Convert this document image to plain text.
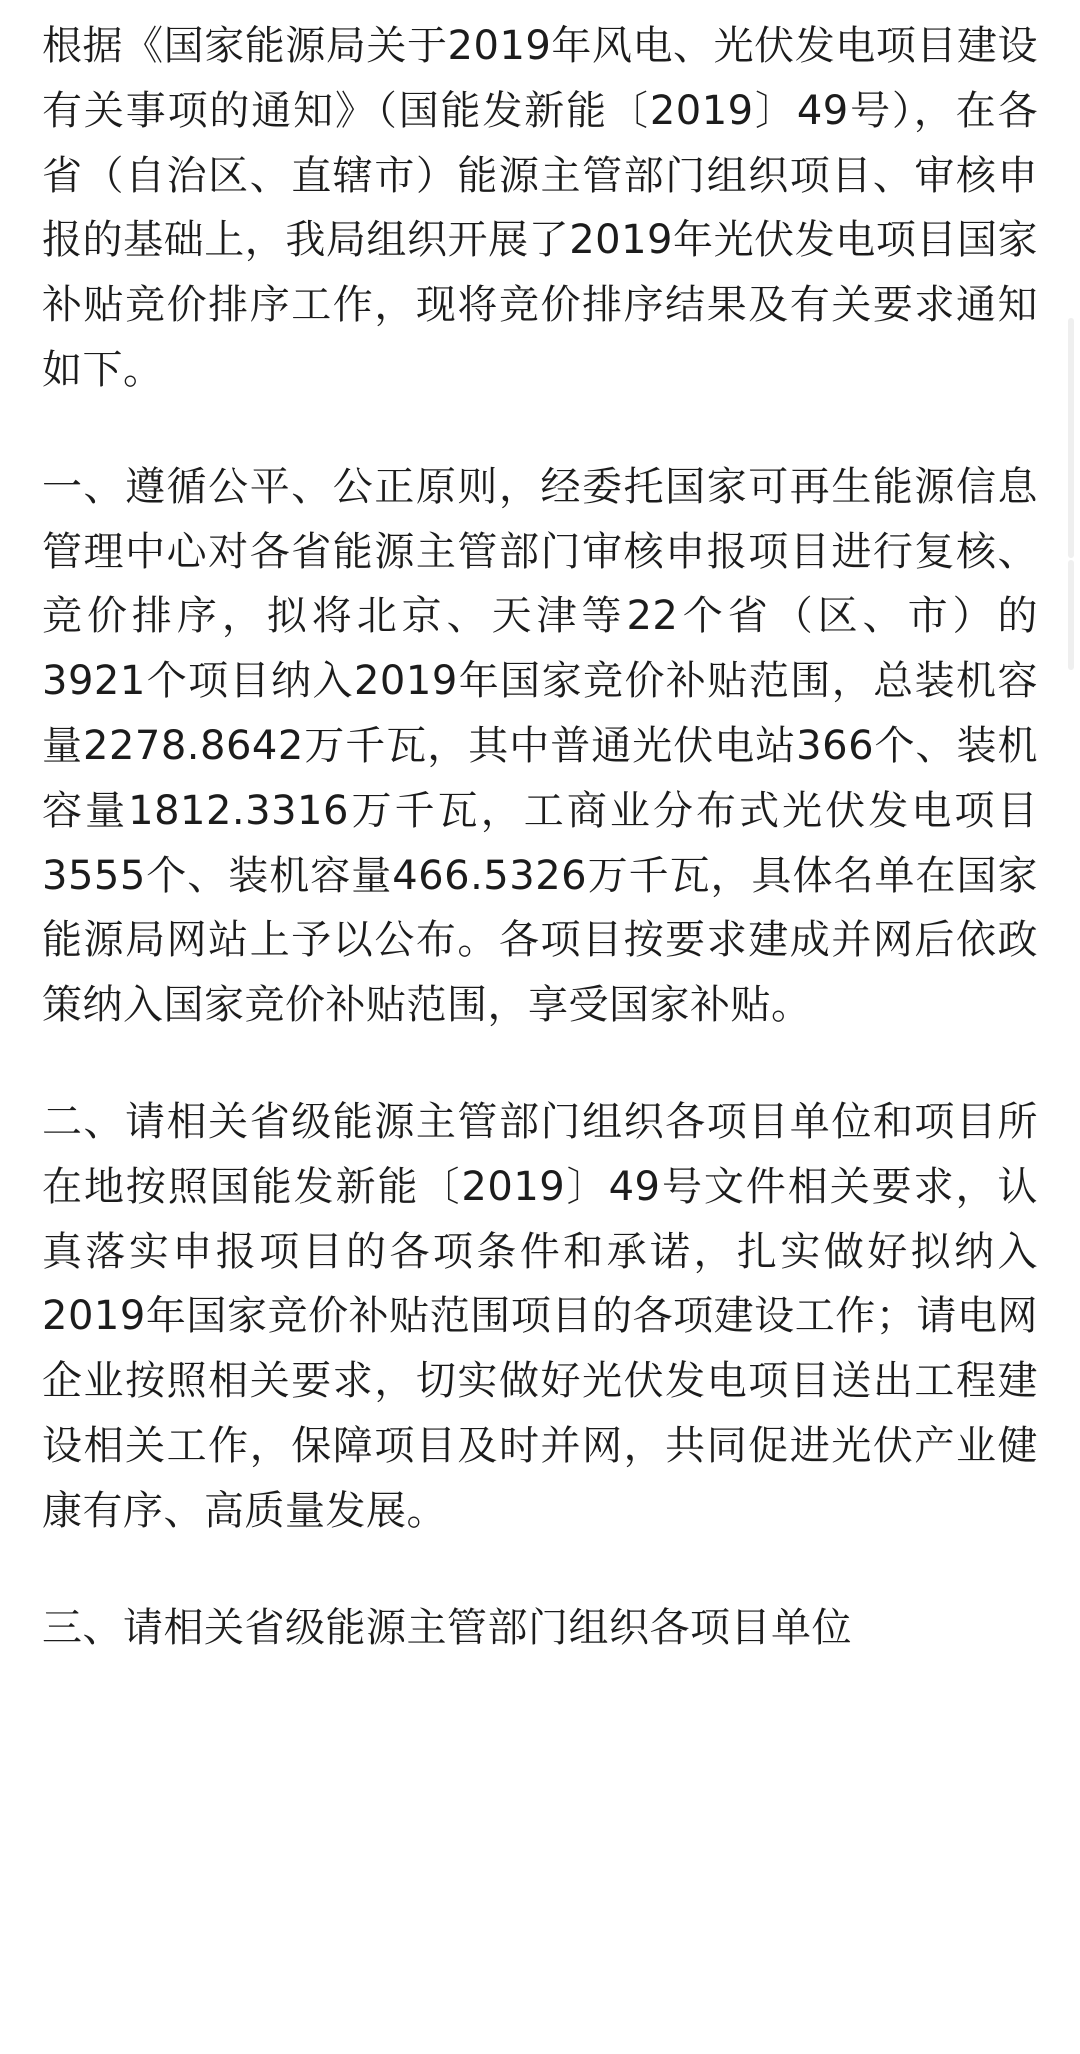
根据《国家能源局关于2019年风电、光伏发电项目建设有关事项的通知》（国能发新能〔2019〕49号），在各省（自治区、直辖市）能源主管部门组织项目、审核申报的基础上，我局组织开展了2019年光伏发电项目国家补贴竞价排序工作，现将竞价排序结果及有关要求通知如下。

一、遵循公平、公正原则，经委托国家可再生能源信息管理中心对各省能源主管部门审核申报项目进行复核、竞价排序，拟将北京、天津等22个省（区、市）的3921个项目纳入2019年国家竞价补贴范围，总装机容量2278.8642万千瓦，其中普通光伏电站366个、装机容量1812.3316万千瓦，工商业分布式光伏发电项目3555个、装机容量466.5326万千瓦，具体名单在国家能源局网站上予以公布。各项目按要求建成并网后依政策纳入国家竞价补贴范围，享受国家补贴。

二、请相关省级能源主管部门组织各项目单位和项目所在地按照国能发新能〔2019〕49号文件相关要求，认真落实申报项目的各项条件和承诺，扎实做好拟纳入2019年国家竞价补贴范围项目的各项建设工作；请电网企业按照相关要求，切实做好光伏发电项目送出工程建设相关工作，保障项目及时并网，共同促进光伏产业健康有序、高质量发展。

三、请相关省级能源主管部门组织各项目单位
